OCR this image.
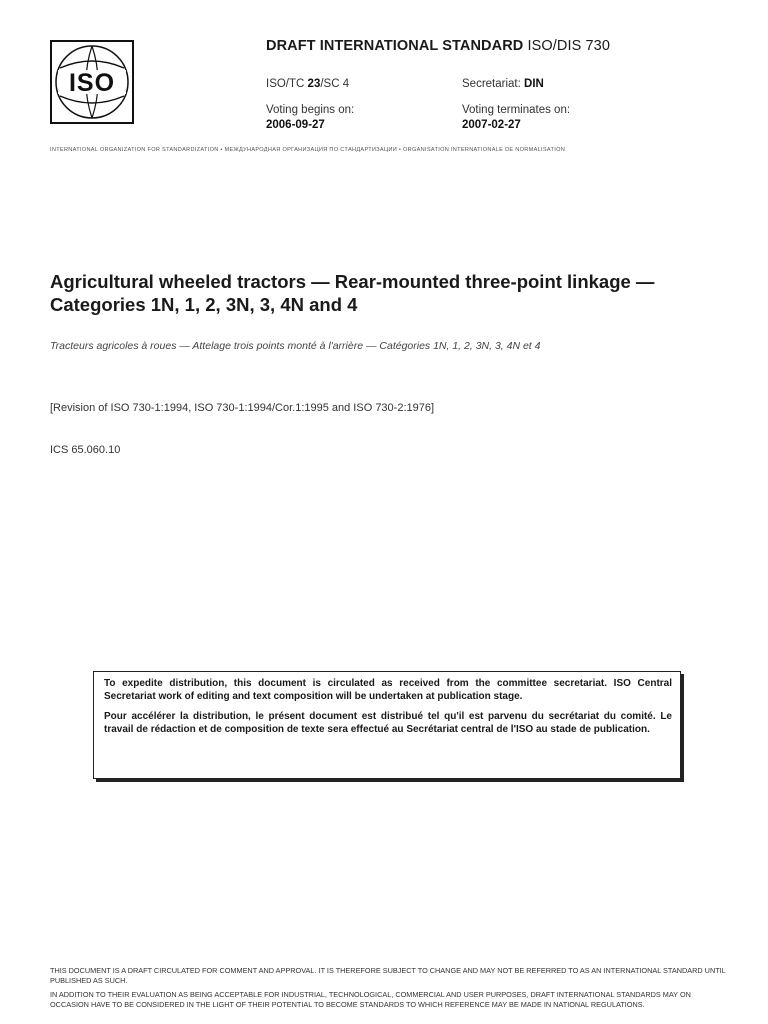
ISO
DRAFT INTERNATIONAL STANDARD ISO/DIS 730
ISO/TC 23/SC 4	Secretariat: DIN
Voting begins on:
2006-09-27
Voting terminates on:
2007-02-27
INTERNATIONAL ORGANIZATION FOR STANDARDIZATION • МЕЖДУНАРОДНАЯ ОРГАНИЗАЦИЯ ПО СТАНДАРТИЗАЦИИ • ORGANISATION INTERNATIONALE DE NORMALISATION
Agricultural wheeled tractors — Rear-mounted three-point linkage — Categories 1N, 1, 2, 3N, 3, 4N and 4
Tracteurs agricoles à roues — Attelage trois points monté à l'arrière — Catégories 1N, 1, 2, 3N, 3, 4N et 4
[Revision of ISO 730-1:1994, ISO 730-1:1994/Cor.1:1995 and ISO 730-2:1976]
ICS 65.060.10

To expedite distribution, this document is circulated as received from the committee secretariat. ISO Central Secretariat work of editing and text composition will be undertaken at publication stage.

Pour accélérer la distribution, le présent document est distribué tel qu'il est parvenu du secrétariat du comité. Le travail de rédaction et de composition de texte sera effectué au Secrétariat central de l'ISO au stade de publication.

THIS DOCUMENT IS A DRAFT CIRCULATED FOR COMMENT AND APPROVAL. IT IS THEREFORE SUBJECT TO CHANGE AND MAY NOT BE REFERRED TO AS AN INTERNATIONAL STANDARD UNTIL PUBLISHED AS SUCH.

IN ADDITION TO THEIR EVALUATION AS BEING ACCEPTABLE FOR INDUSTRIAL, TECHNOLOGICAL, COMMERCIAL AND USER PURPOSES, DRAFT INTERNATIONAL STANDARDS MAY ON OCCASION HAVE TO BE CONSIDERED IN THE LIGHT OF THEIR POTENTIAL TO BECOME STANDARDS TO WHICH REFERENCE MAY BE MADE IN NATIONAL REGULATIONS.
